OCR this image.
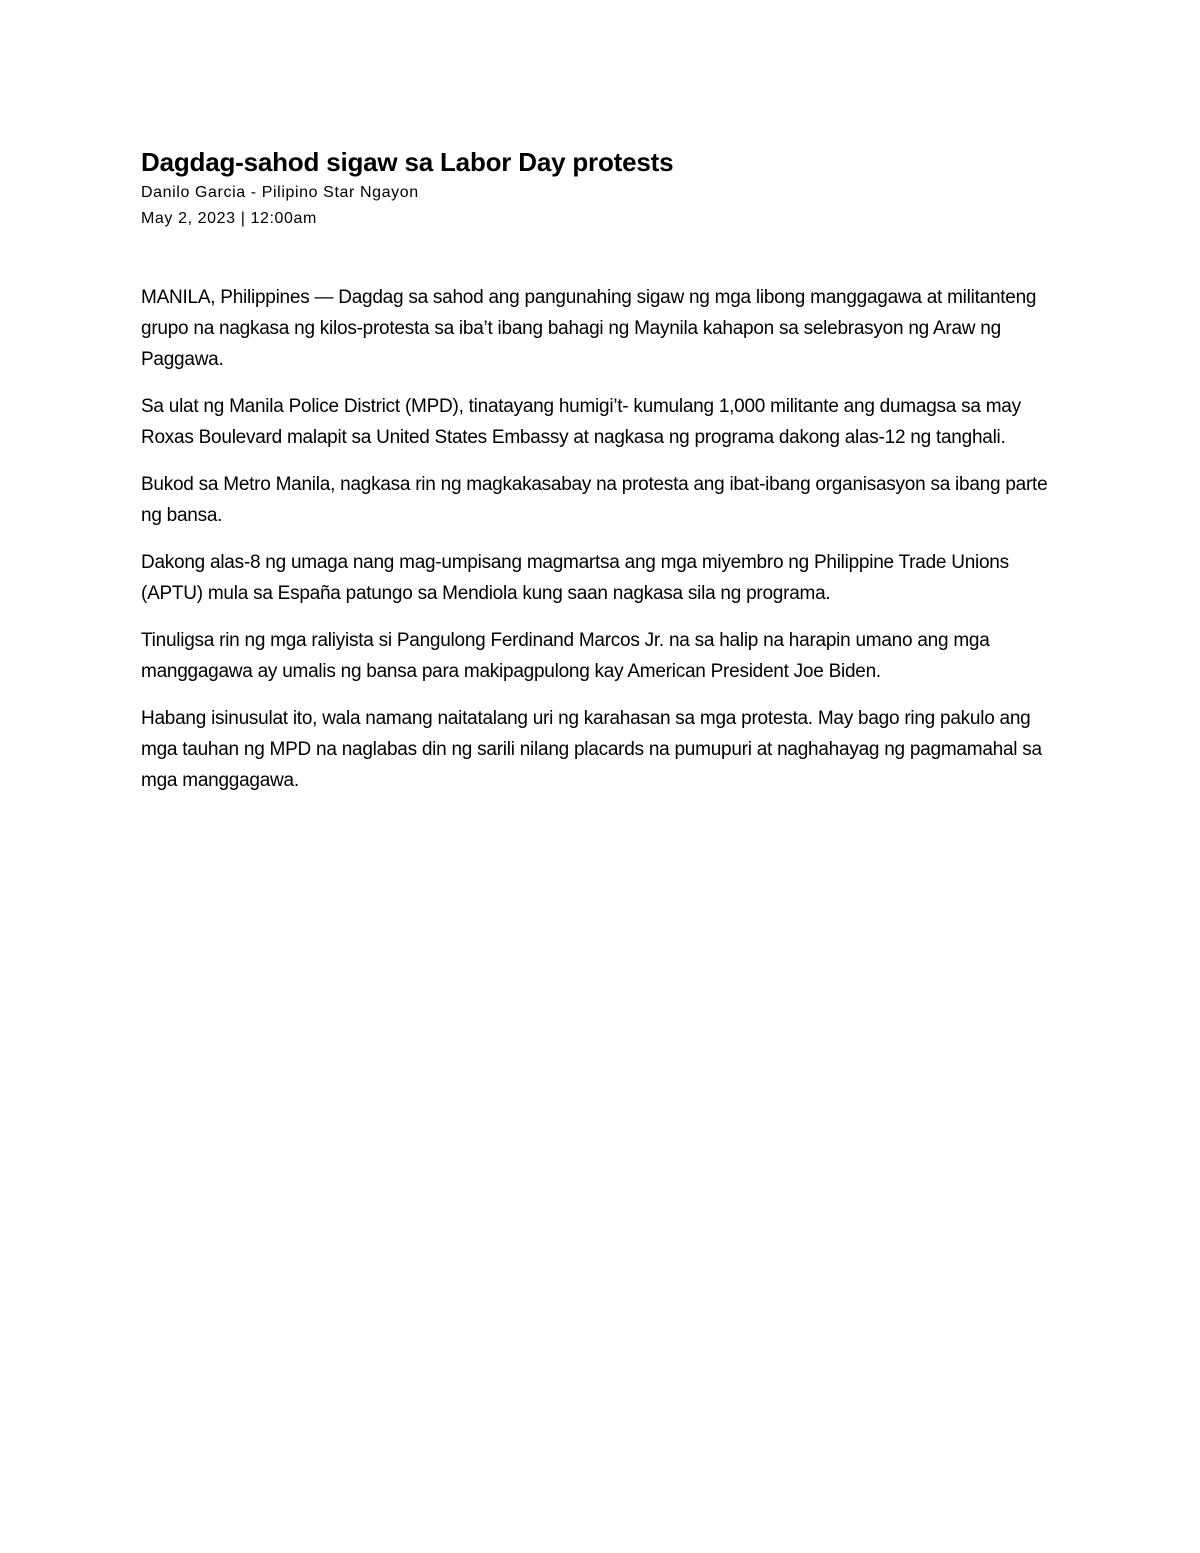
Dagdag-sahod sigaw sa Labor Day protests

Danilo Garcia - Pilipino Star Ngayon

May 2, 2023 | 12:00am

MANILA, Philippines — Dagdag sa sahod ang pangunahing sigaw ng mga libong manggagawa at militanteng grupo na nagkasa ng kilos-protesta sa iba’t ibang bahagi ng Maynila kahapon sa selebrasyon ng Araw ng Paggawa.

Sa ulat ng Manila Police District (MPD), tinatayang humigi’t- kumulang 1,000 militante ang dumagsa sa may Roxas Boulevard malapit sa United States Embassy at nagkasa ng programa dakong alas-12 ng tanghali.

Bukod sa Metro Manila, nagkasa rin ng magkakasabay na protesta ang ibat-ibang organisasyon sa ibang parte ng bansa.

Dakong alas-8 ng umaga nang mag-umpisang magmartsa ang mga miyembro ng Philippine Trade Unions (APTU) mula sa España patungo sa Mendiola kung saan nagkasa sila ng programa.

Tinuligsa rin ng mga raliyista si Pangulong Ferdinand Marcos Jr. na sa halip na harapin umano ang mga manggagawa ay umalis ng bansa para makipagpulong kay American President Joe Biden.

Habang isinusulat ito, wala namang naitatalang uri ng karahasan sa mga protesta. May bago ring pakulo ang mga tauhan ng MPD na naglabas din ng sarili nilang placards na pumupuri at naghahayag ng pagmamahal sa mga manggagawa.
